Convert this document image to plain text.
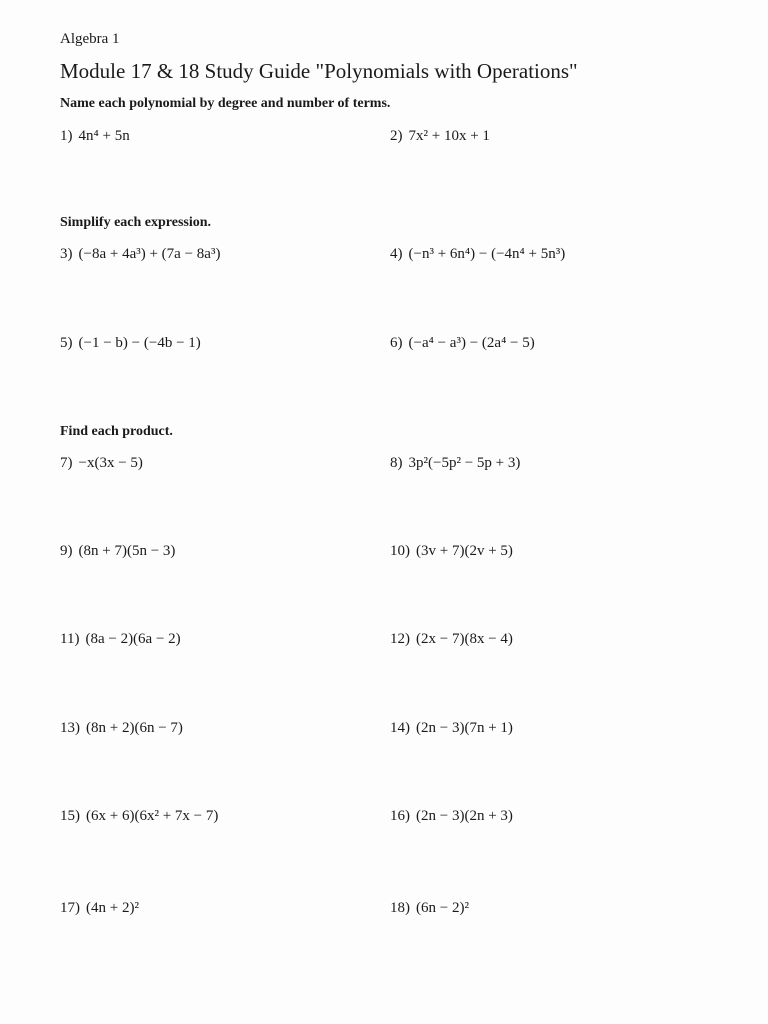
Algebra 1
Module 17 & 18 Study Guide "Polynomials with Operations"
Name each polynomial by degree and number of terms.
Simplify each expression.
Find each product.
1) 4n⁴ + 5n	2) 7x² + 10x + 1
3) (−8a + 4a³) + (7a − 8a³)	4) (−n³ + 6n⁴) − (−4n⁴ + 5n³)
5) (−1 − b) − (−4b − 1)	6) (−a⁴ − a³) − (2a⁴ − 5)
7) −x(3x − 5)	8) 3p²(−5p² − 5p + 3)
9) (8n + 7)(5n − 3)	10) (3v + 7)(2v + 5)
11) (8a − 2)(6a − 2)	12) (2x − 7)(8x − 4)
13) (8n + 2)(6n − 7)	14) (2n − 3)(7n + 1)
15) (6x + 6)(6x² + 7x − 7)	16) (2n − 3)(2n + 3)
17) (4n + 2)²	18) (6n − 2)²
